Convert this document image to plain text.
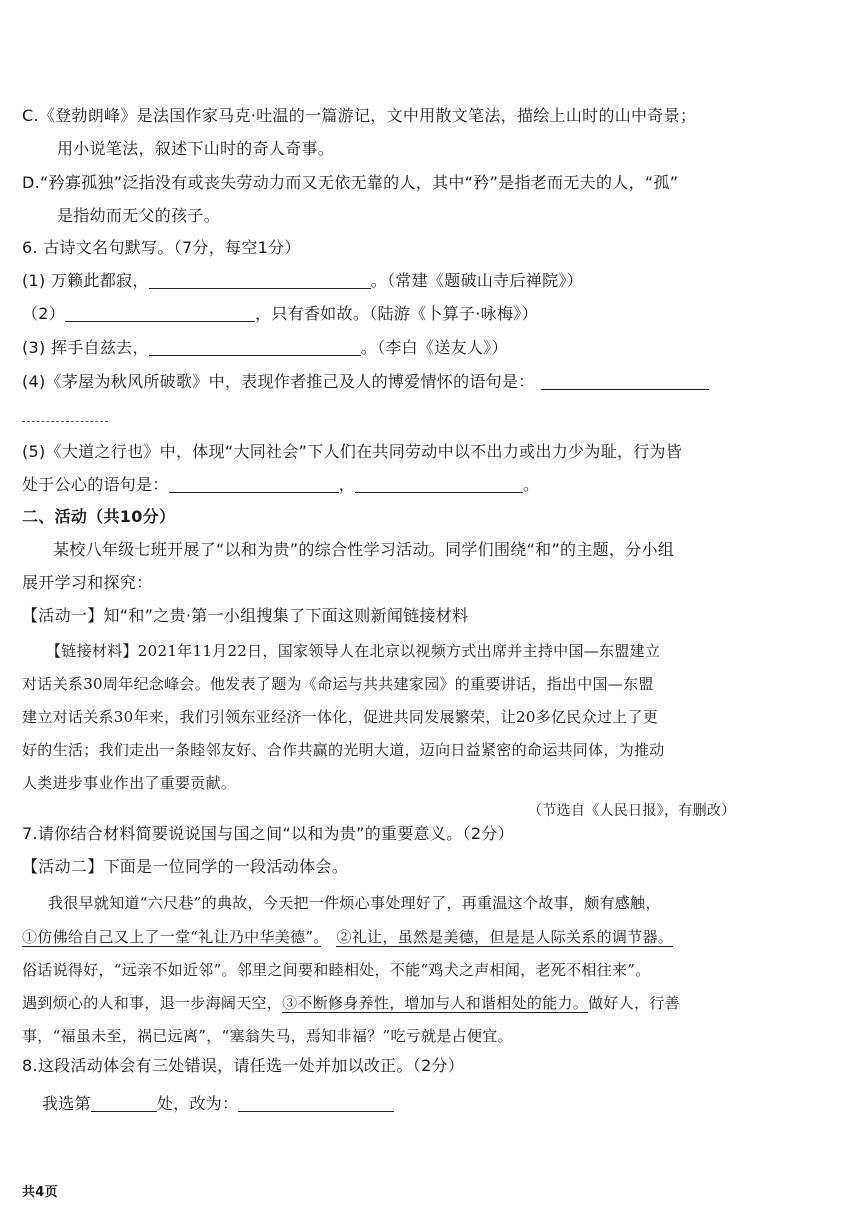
C.《登勃朗峰》是法国作家马克·吐温的一篇游记，文中用散文笔法，描绘上山时的山中奇景；
用小说笔法，叙述下山时的奇人奇事。
D.“矜寡孤独”泛指没有或丧失劳动力而又无依无靠的人，其中“矜”是指老而无夫的人，“孤”
是指幼而无父的孩子。
6. 古诗文名句默写。（7分，每空1分）
(1) 万籁此都寂，	。（常建《题破山寺后禅院》）
（2）	，只有香如故。（陆游《卜算子·咏梅》）
(3) 挥手自兹去，	。（李白《送友人》）
(4)《茅屋为秋风所破歌》中，表现作者推己及人的博爱情怀的语句是：
(5)《大道之行也》中，体现“大同社会”下人们在共同劳动中以不出力或出力少为耻，行为皆
处于公心的语句是：	，	。
二、活动（共10分）
某校八年级七班开展了“以和为贵”的综合性学习活动。同学们围绕“和”的主题，分小组
展开学习和探究：
【活动一】知“和”之贵·第一小组搜集了下面这则新闻链接材料
【链接材料】2021年11月22日，国家领导人在北京以视频方式出席并主持中国—东盟建立
对话关系30周年纪念峰会。他发表了题为《命运与共共建家园》的重要讲话，指出中国—东盟
建立对话关系30年来，我们引领东亚经济一体化，促进共同发展繁荣，让20多亿民众过上了更
好的生活；我们走出一条睦邻友好、合作共赢的光明大道，迈向日益紧密的命运共同体，为推动
人类进步事业作出了重要贡献。
（节选自《人民日报》，有删改）
7.请你结合材料简要说说国与国之间“以和为贵”的重要意义。（2分）
【活动二】下面是一位同学的一段活动体会。
我很早就知道“六尺巷”的典故，今天把一件烦心事处理好了，再重温这个故事，颇有感触，
①仿佛给自己又上了一堂“礼让乃中华美德”。　 ②礼让，虽然是美德，但是是人际关系的调节器。
俗话说得好，“远亲不如近邻”。邻里之间要和睦相处，不能“鸡犬之声相闻，老死不相往来”。
遇到烦心的人和事，退一步海阔天空，③不断修身养性，增加与人和谐相处的能力。做好人，行善
事，“福虽未至，祸已远离”，“塞翁失马，焉知非福？”吃亏就是占便宜。
8.这段活动体会有三处错误，请任选一处并加以改正。（2分）
我选第	处，改为：
共4页
